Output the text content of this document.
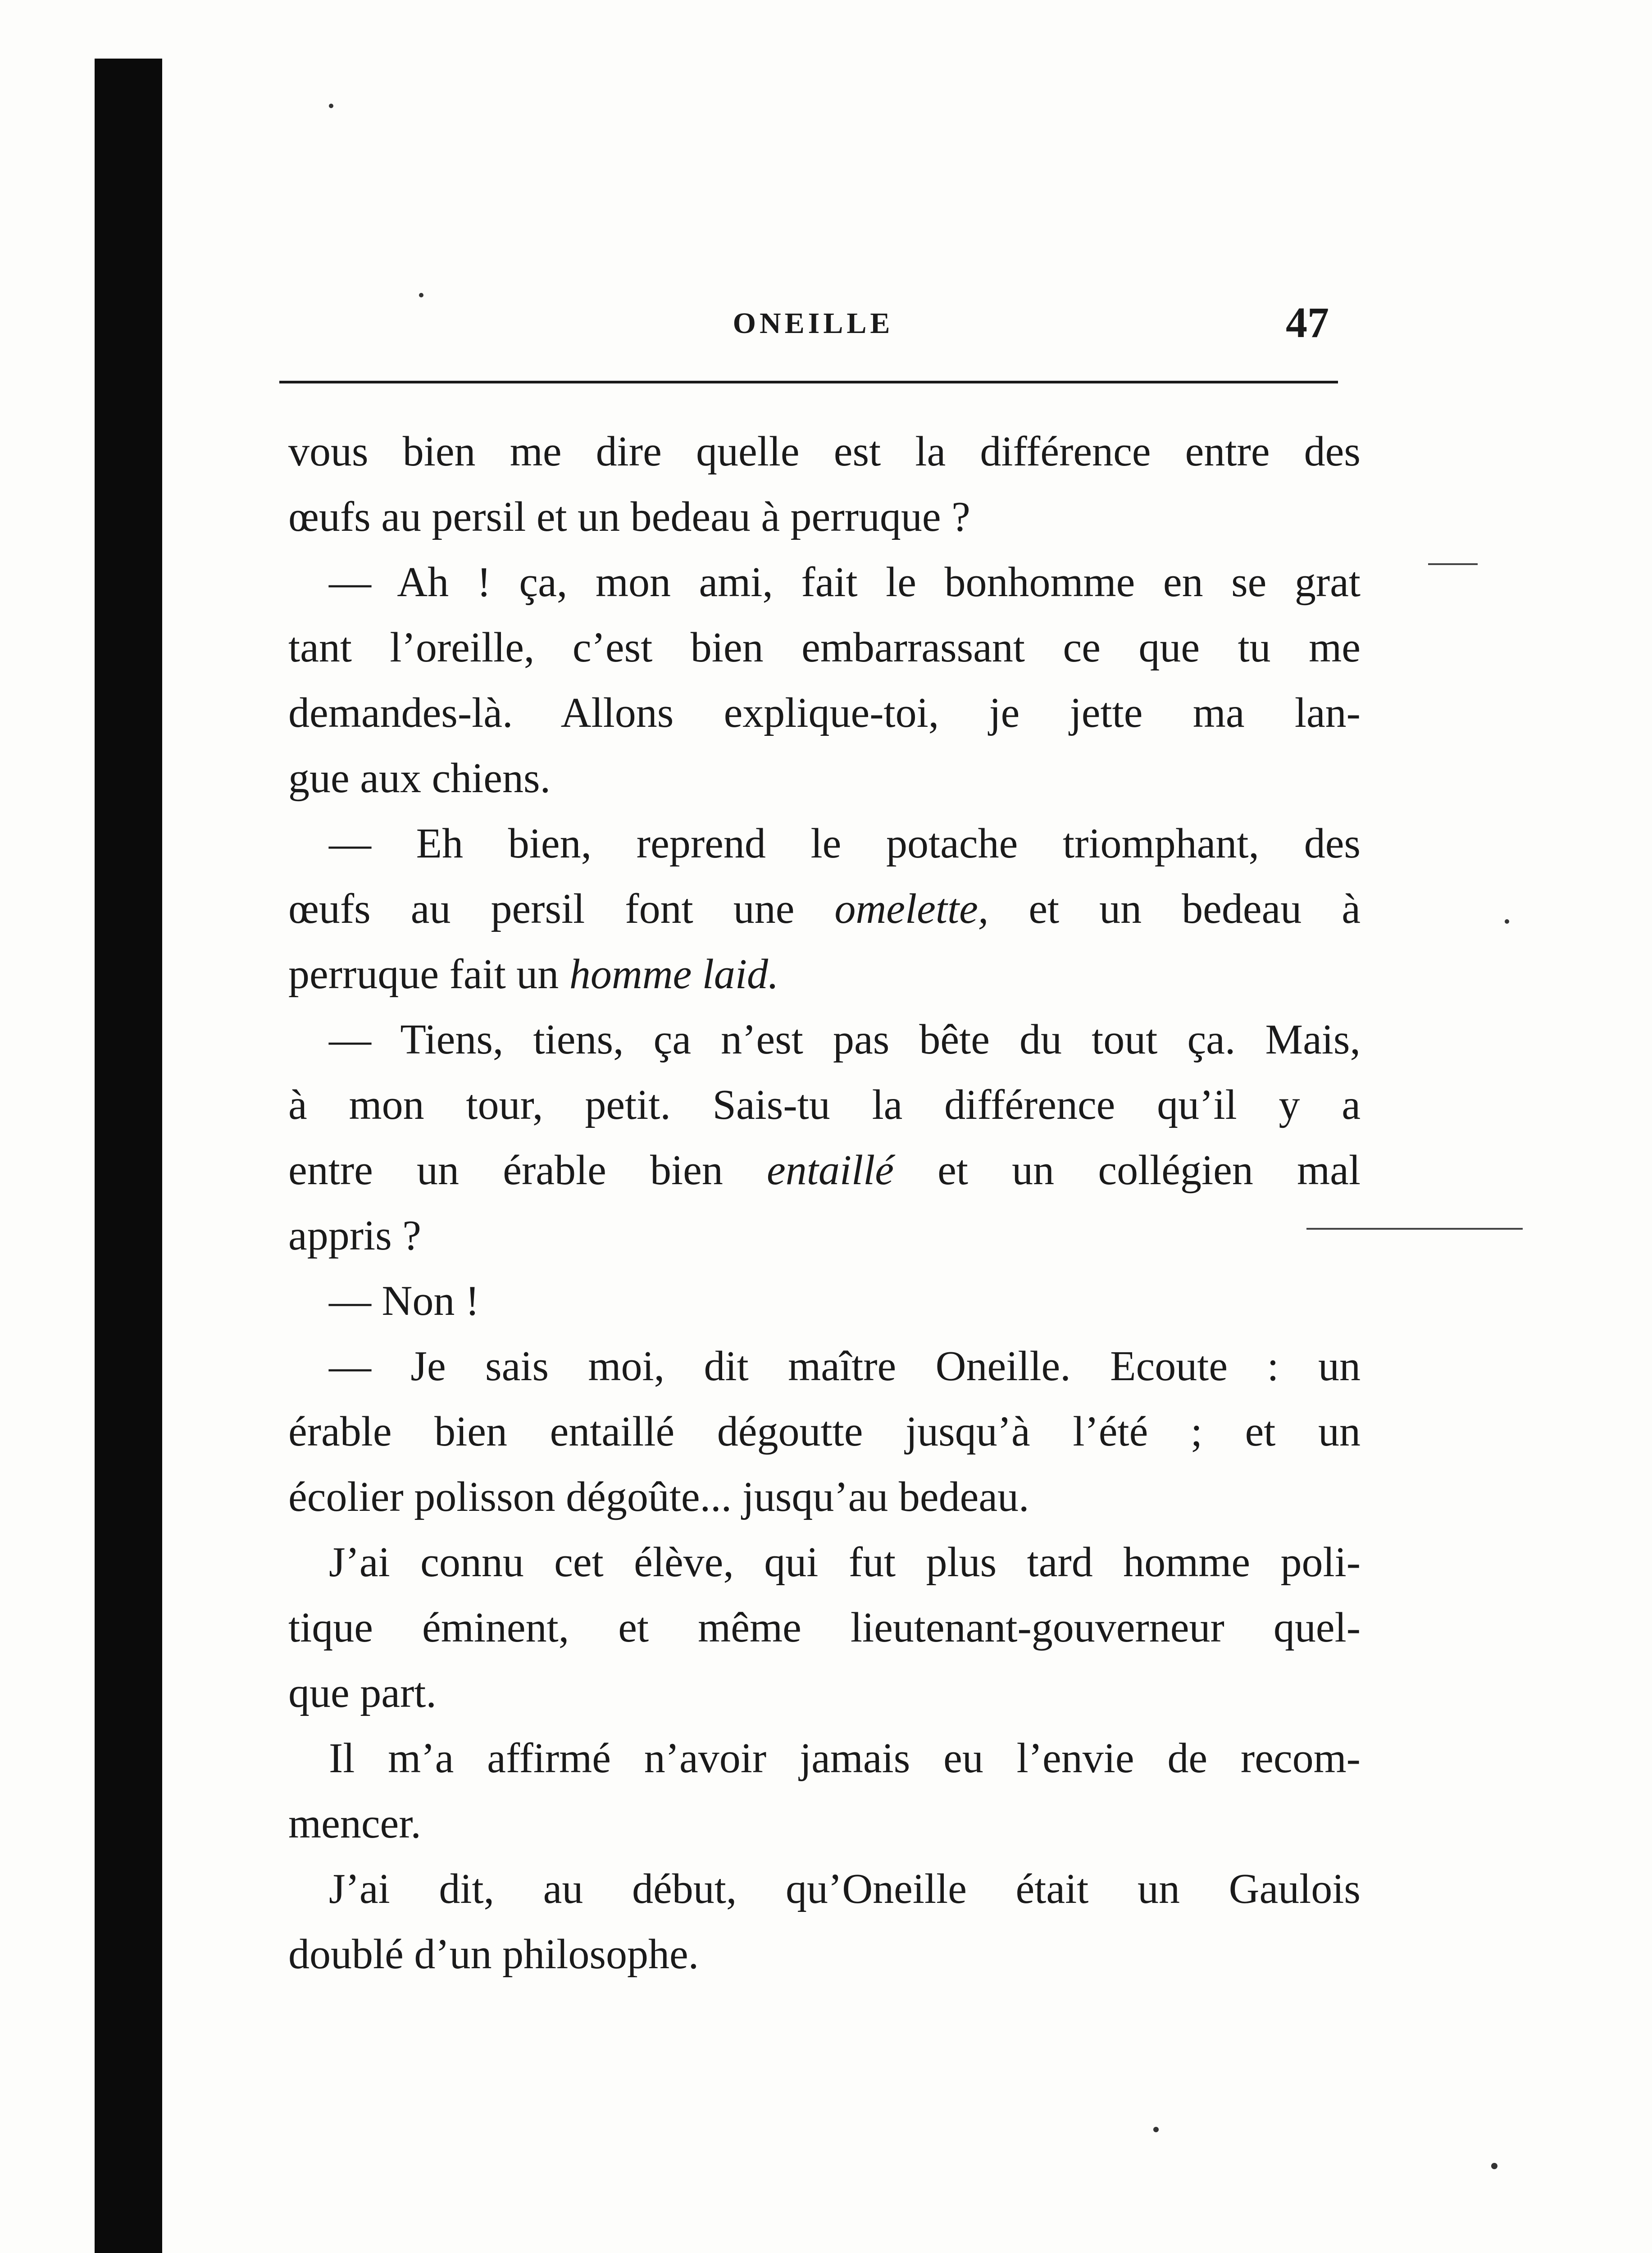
ONEILLE	47
vous bien me dire quelle est la différence entre des
œufs au persil et un bedeau à perruque ?
— Ah ! ça, mon ami, fait le bonhomme en se grat
tant l’oreille, c’est bien embarrassant ce que tu me
demandes-là. Allons explique-toi, je jette ma lan-
gue aux chiens.
— Eh bien, reprend le potache triomphant, des
œufs au persil font une omelette, et un bedeau à
perruque fait un homme laid.
— Tiens, tiens, ça n’est pas bête du tout ça. Mais,
à mon tour, petit. Sais-tu la différence qu’il y a
entre un érable bien entaillé et un collégien mal
appris ?
— Non !
— Je sais moi, dit maître Oneille. Ecoute : un
érable bien entaillé dégoutte jusqu’à l’été ; et un
écolier polisson dégoûte... jusqu’au bedeau.
J’ai connu cet élève, qui fut plus tard homme poli-
tique éminent, et même lieutenant-gouverneur quel-
que part.
Il m’a affirmé n’avoir jamais eu l’envie de recom-
mencer.
J’ai dit, au début, qu’Oneille était un Gaulois
doublé d’un philosophe.
